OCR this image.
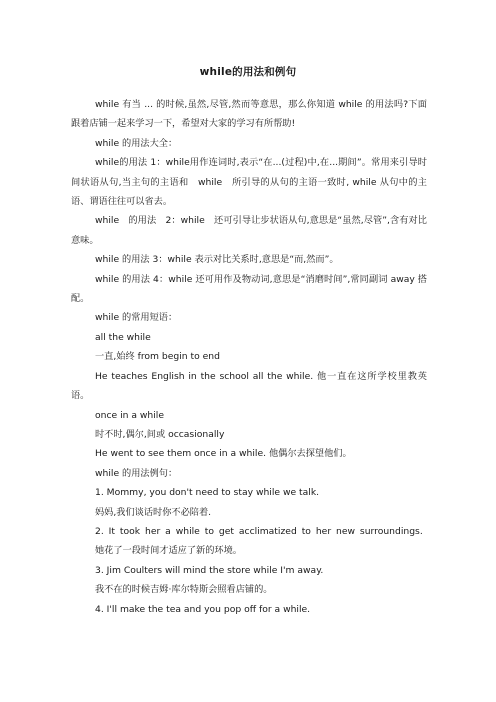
while的用法和例句

while 有当 ... 的时候,虽然,尽管,然而等意思，那么你知道 while 的用法吗?下面跟着店铺一起来学习一下，希望对大家的学习有所帮助!

while 的用法大全：

while的用法 1：while用作连词时,表示“在...(过程)中,在...期间”。常用来引导时间状语从句,当主句的主语和　while　所引导的从句的主语一致时, while 从句中的主语、谓语往往可以省去。

while　的用法　2：while　还可引导让步状语从句,意思是“虽然,尽管”,含有对比意味。

while 的用法 3：while 表示对比关系时,意思是“而,然而”。

while 的用法 4：while 还可用作及物动词,意思是“消磨时间”,常同副词 away 搭配。

while 的常用短语：

all the while

一直,始终 from begin to end

He teaches English in the school all the while. 他一直在这所学校里教英语。

once in a while

时不时,偶尔,间或 occasionally

He went to see them once in a while. 他偶尔去探望他们。

while 的用法例句：

1. Mommy, you don't need to stay while we talk.

妈妈,我们谈话时你不必陪着.

2. It took her a while to get acclimatized to her new surroundings.

她花了一段时间才适应了新的环境。

3. Jim Coulters will mind the store while I'm away.

我不在的时候吉姆·库尔特斯会照看店铺的。

4. I'll make the tea and you pop off for a while.
